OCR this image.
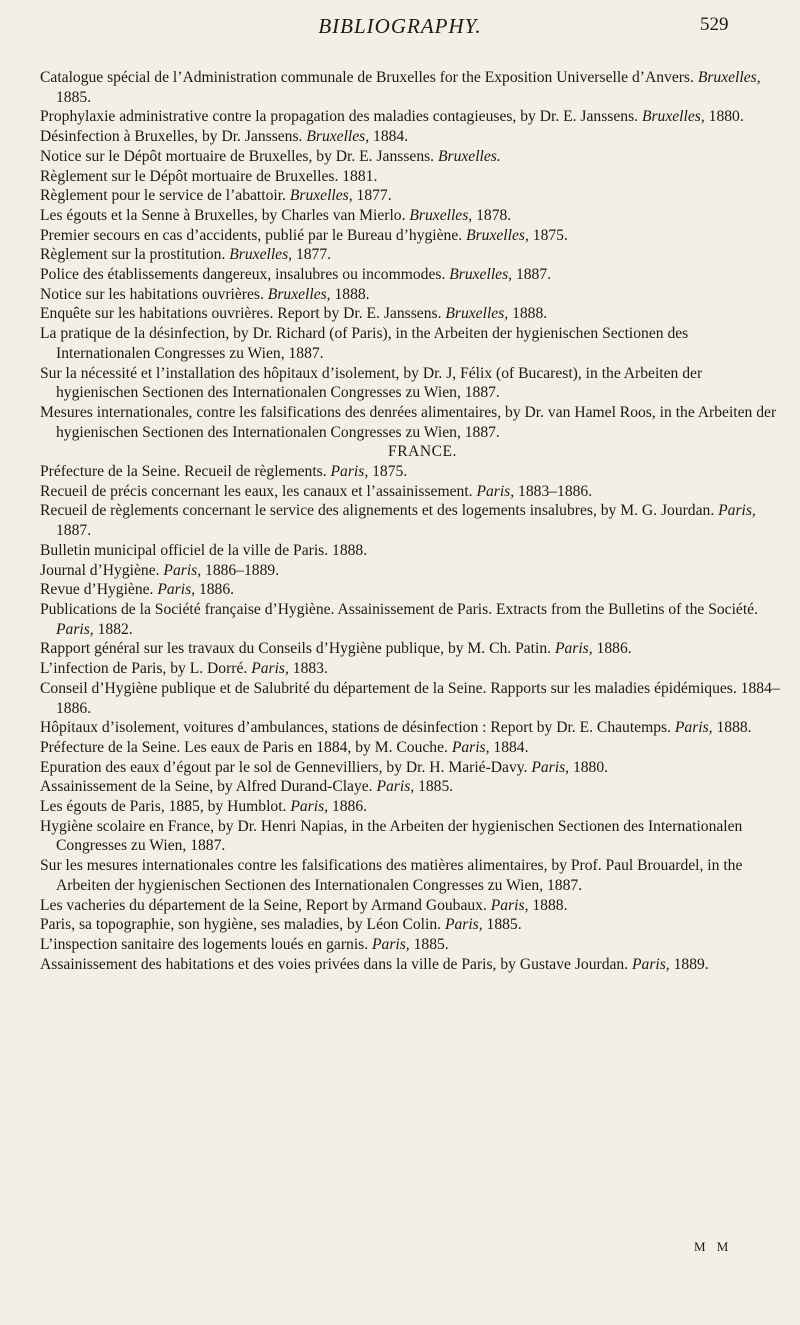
BIBLIOGRAPHY.	529
Catalogue spécial de l’Administration communale de Bruxelles for the Exposition Universelle d’Anvers. Bruxelles, 1885.
Prophylaxie administrative contre la propagation des maladies contagieuses, by Dr. E. Janssens. Bruxelles, 1880.
Désinfection à Bruxelles, by Dr. Janssens. Bruxelles, 1884.
Notice sur le Dépôt mortuaire de Bruxelles, by Dr. E. Janssens. Bruxelles.
Règlement sur le Dépôt mortuaire de Bruxelles. 1881.
Règlement pour le service de l’abattoir. Bruxelles, 1877.
Les égouts et la Senne à Bruxelles, by Charles van Mierlo. Bruxelles, 1878.
Premier secours en cas d’accidents, publié par le Bureau d’hygiène. Bruxelles, 1875.
Règlement sur la prostitution. Bruxelles, 1877.
Police des établissements dangereux, insalubres ou incommodes. Bruxelles, 1887.
Notice sur les habitations ouvrières. Bruxelles, 1888.
Enquête sur les habitations ouvrières. Report by Dr. E. Janssens. Bruxelles, 1888.
La pratique de la désinfection, by Dr. Richard (of Paris), in the Arbeiten der hygienischen Sectionen des Internationalen Congresses zu Wien, 1887.
Sur la nécessité et l’installation des hôpitaux d’isolement, by Dr. J, Félix (of Bucarest), in the Arbeiten der hygienischen Sectionen des Internationalen Congresses zu Wien, 1887.
Mesures internationales, contre les falsifications des denrées alimentaires, by Dr. van Hamel Roos, in the Arbeiten der hygienischen Sectionen des Internationalen Congresses zu Wien, 1887.
FRANCE.
Préfecture de la Seine. Recueil de règlements. Paris, 1875.
Recueil de précis concernant les eaux, les canaux et l’assainissement. Paris, 1883–1886.
Recueil de règlements concernant le service des alignements et des logements insalubres, by M. G. Jourdan. Paris, 1887.
Bulletin municipal officiel de la ville de Paris. 1888.
Journal d’Hygiène. Paris, 1886–1889.
Revue d’Hygiène. Paris, 1886.
Publications de la Société française d’Hygiène. Assainissement de Paris. Extracts from the Bulletins of the Société. Paris, 1882.
Rapport général sur les travaux du Conseils d’Hygiène publique, by M. Ch. Patin. Paris, 1886.
L’infection de Paris, by L. Dorré. Paris, 1883.
Conseil d’Hygiène publique et de Salubrité du département de la Seine. Rapports sur les maladies épidémiques. 1884–1886.
Hôpitaux d’isolement, voitures d’ambulances, stations de désinfection : Report by Dr. E. Chautemps. Paris, 1888.
Préfecture de la Seine. Les eaux de Paris en 1884, by M. Couche. Paris, 1884.
Epuration des eaux d’égout par le sol de Gennevilliers, by Dr. H. Marié-Davy. Paris, 1880.
Assainissement de la Seine, by Alfred Durand-Claye. Paris, 1885.
Les égouts de Paris, 1885, by Humblot. Paris, 1886.
Hygiène scolaire en France, by Dr. Henri Napias, in the Arbeiten der hygienischen Sectionen des Internationalen Congresses zu Wien, 1887.
Sur les mesures internationales contre les falsifications des matières alimentaires, by Prof. Paul Brouardel, in the Arbeiten der hygienischen Sectionen des Internationalen Congresses zu Wien, 1887.
Les vacheries du département de la Seine, Report by Armand Goubaux. Paris, 1888.
Paris, sa topographie, son hygiène, ses maladies, by Léon Colin. Paris, 1885.
L’inspection sanitaire des logements loués en garnis. Paris, 1885.
Assainissement des habitations et des voies privées dans la ville de Paris, by Gustave Jourdan. Paris, 1889.
M M
